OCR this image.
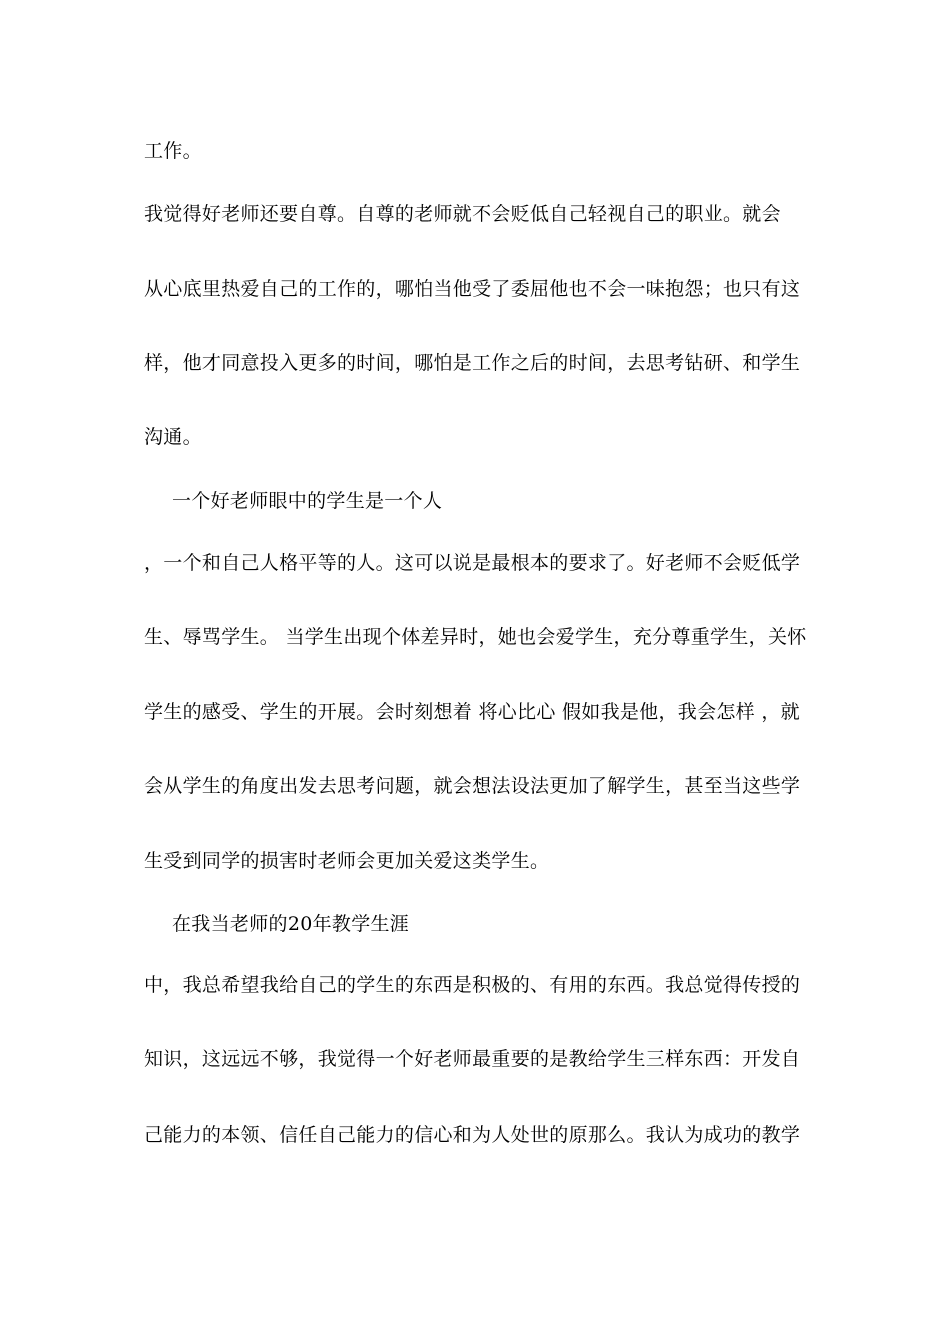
工作。
我觉得好老师还要自尊。自尊的老师就不会贬低自己轻视自己的职业。就会
从心底里热爱自己的工作的，哪怕当他受了委屈他也不会一味抱怨；也只有这
样，他才同意投入更多的时间，哪怕是工作之后的时间，去思考钻研、和学生
沟通。
一个好老师眼中的学生是一个人
，一个和自己人格平等的人。这可以说是最根本的要求了。好老师不会贬低学
生、辱骂学生。 当学生出现个体差异时，她也会爱学生，充分尊重学生，关怀
学生的感受、学生的开展。会时刻想着 将心比心 假如我是他，我会怎样 ，就
会从学生的角度出发去思考问题，就会想法设法更加了解学生，甚至当这些学
生受到同学的损害时老师会更加关爱这类学生。
在我当老师的20年教学生涯
中，我总希望我给自己的学生的东西是积极的、有用的东西。我总觉得传授的
知识，这远远不够，我觉得一个好老师最重要的是教给学生三样东西：开发自
己能力的本领、信任自己能力的信心和为人处世的原那么。我认为成功的教学
